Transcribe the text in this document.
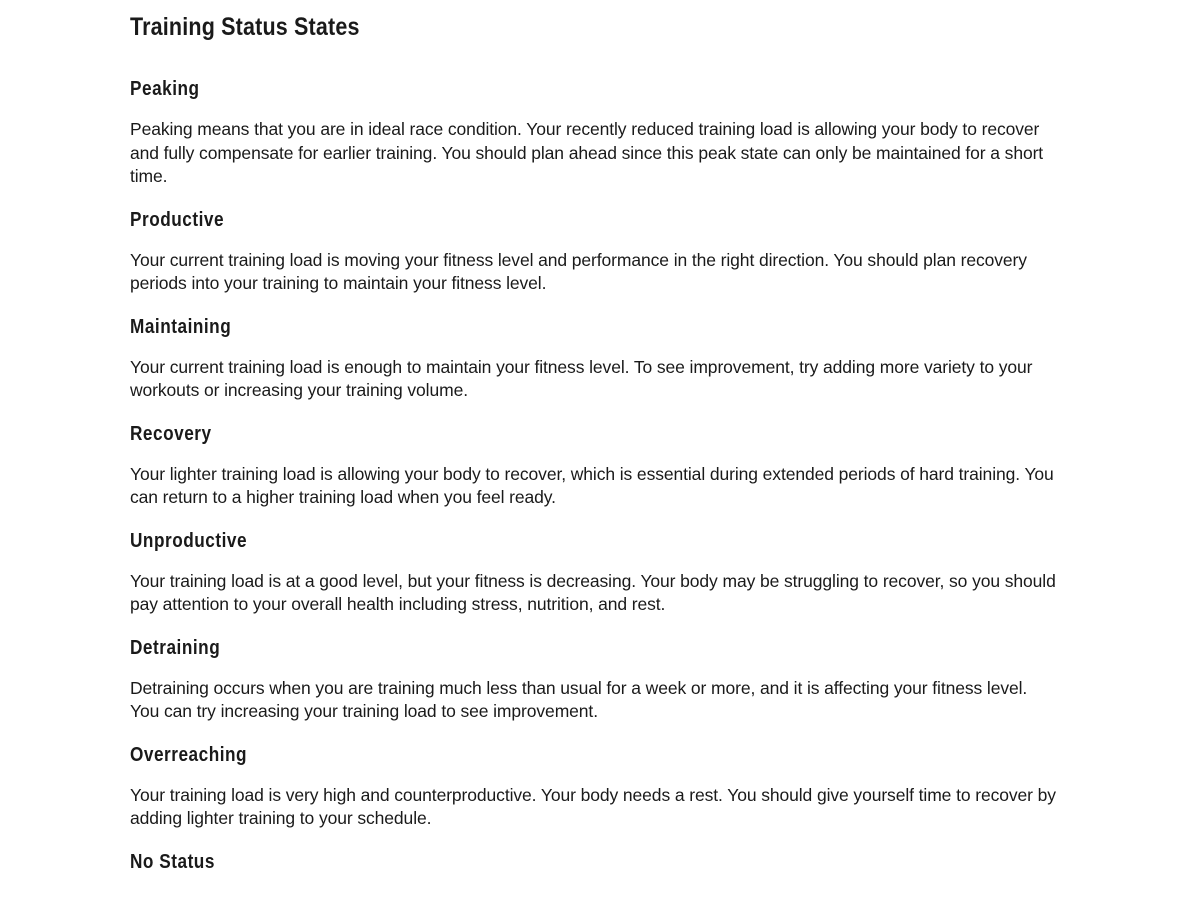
Training Status States
Peaking

Peaking means that you are in ideal race condition. Your recently reduced training load is allowing your body to recover and fully compensate for earlier training. You should plan ahead since this peak state can only be maintained for a short time.

Productive

Your current training load is moving your fitness level and performance in the right direction. You should plan recovery periods into your training to maintain your fitness level.

Maintaining

Your current training load is enough to maintain your fitness level. To see improvement, try adding more variety to your workouts or increasing your training volume.

Recovery

Your lighter training load is allowing your body to recover, which is essential during extended periods of hard training. You can return to a higher training load when you feel ready.

Unproductive

Your training load is at a good level, but your fitness is decreasing. Your body may be struggling to recover, so you should pay attention to your overall health including stress, nutrition, and rest.

Detraining

Detraining occurs when you are training much less than usual for a week or more, and it is affecting your fitness level. You can try increasing your training load to see improvement.

Overreaching

Your training load is very high and counterproductive. Your body needs a rest. You should give yourself time to recover by adding lighter training to your schedule.

No Status
